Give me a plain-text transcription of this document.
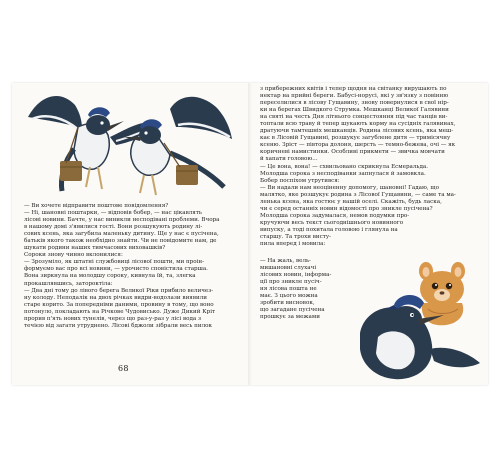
— Ви хочете відправити поштове повідомлення?

— Ні, шановні поштарки, — відповів бобер, — нас цікавлять

лісові новини. Бачте, у нас виникли несподівані проблеми. Вчора

в нашому домі з'явилися гості. Вони розшукують родину лі-

сових ксень, яка загубила маленьку дитину. Ще у нас є пусічена,

батьків якого також необхідно знайти. Чи не повідомите нам, де

шукати родини наших тимчасових виховашків?

Сороки знову чинно вклонилися:

— Зрозуміло, як штатні службовиці лісової пошти, ми проін-

формуємо вас про всі новини, — урочисто сповістила старша.

Вона зиркнула на молодшу сороку, кивнула їй, та, злегка

прокашлявшись, затороктіла:

— Два дні тому до лівого берега Великої Ріки прибило величез-

ну колоду. Неподалік на двох річках видри-водолази виявили

старе корито. За попередніми даними, провину в тому, що воно

потонуло, покладають на Річкове Чудовисько. Дуже Дикий Кріт

прорив п'ять нових тунелів, через що раз-у-раз у лісі вода з

течією від загати утруднено. Лісові бджоли зібрали весь пилок

68

з прибережних квітів і тепер щодня на світанку вирушають по

нектар на прийні береги. Бабусі-норусі, які у зв'язку з повінню

переселилися в лісову Гущавину, знову повернулися в свої нір-

ки на берегах Швидкого Струмка. Мешканці Великої Галявини

на святі на честь Дня літнього сонцестояння під час танців ви-

топтали всю траву й тепер шукають корму на сусідніх галявинах,

дратуючи тамтешніх мешканців. Родина лісових ксень, яка меш-

кає в Лісовій Гущавині, розшукує загублене дитя — тримісячну

ксеню. Зріст — півтора долоня, шерсть — темно-бежева, очі — як

коричневі намистинки. Особливі прикмети — звичка мовчати

й хапати головою...

— Це вона, вона! — схвильовано скрикнула Есмеральда.

Молодша сорока з несподіванки запнулася й замовкла.

Бобер поспіхом утрутився:

— Ви надали нам неоціненну допомогу, шановні! Гадаю, що

малятко, яке розшукує родина з Лісової Гущавини, — саме та ма-

ленька ксена, яка гостює у нашій оселі. Скажіть, будь ласка,

чи є серед останніх новин відомості про зникле пусічена?

Молодша сорока задумалася, немов подумки про-

кручуючи весь текст сьогоднішнього новинного

випуску, а тоді похитала головою і глянула на

старшу. Та трохи висту-

пила вперед і мовила:

— На жаль, вель-

мишановні слухачі

лісових новин, інформа-

ції про зникле пусіч-

ня лісова пошта не

має. З цього можна

зробити висновок,

що загадане пусічена

прошкує за межами
